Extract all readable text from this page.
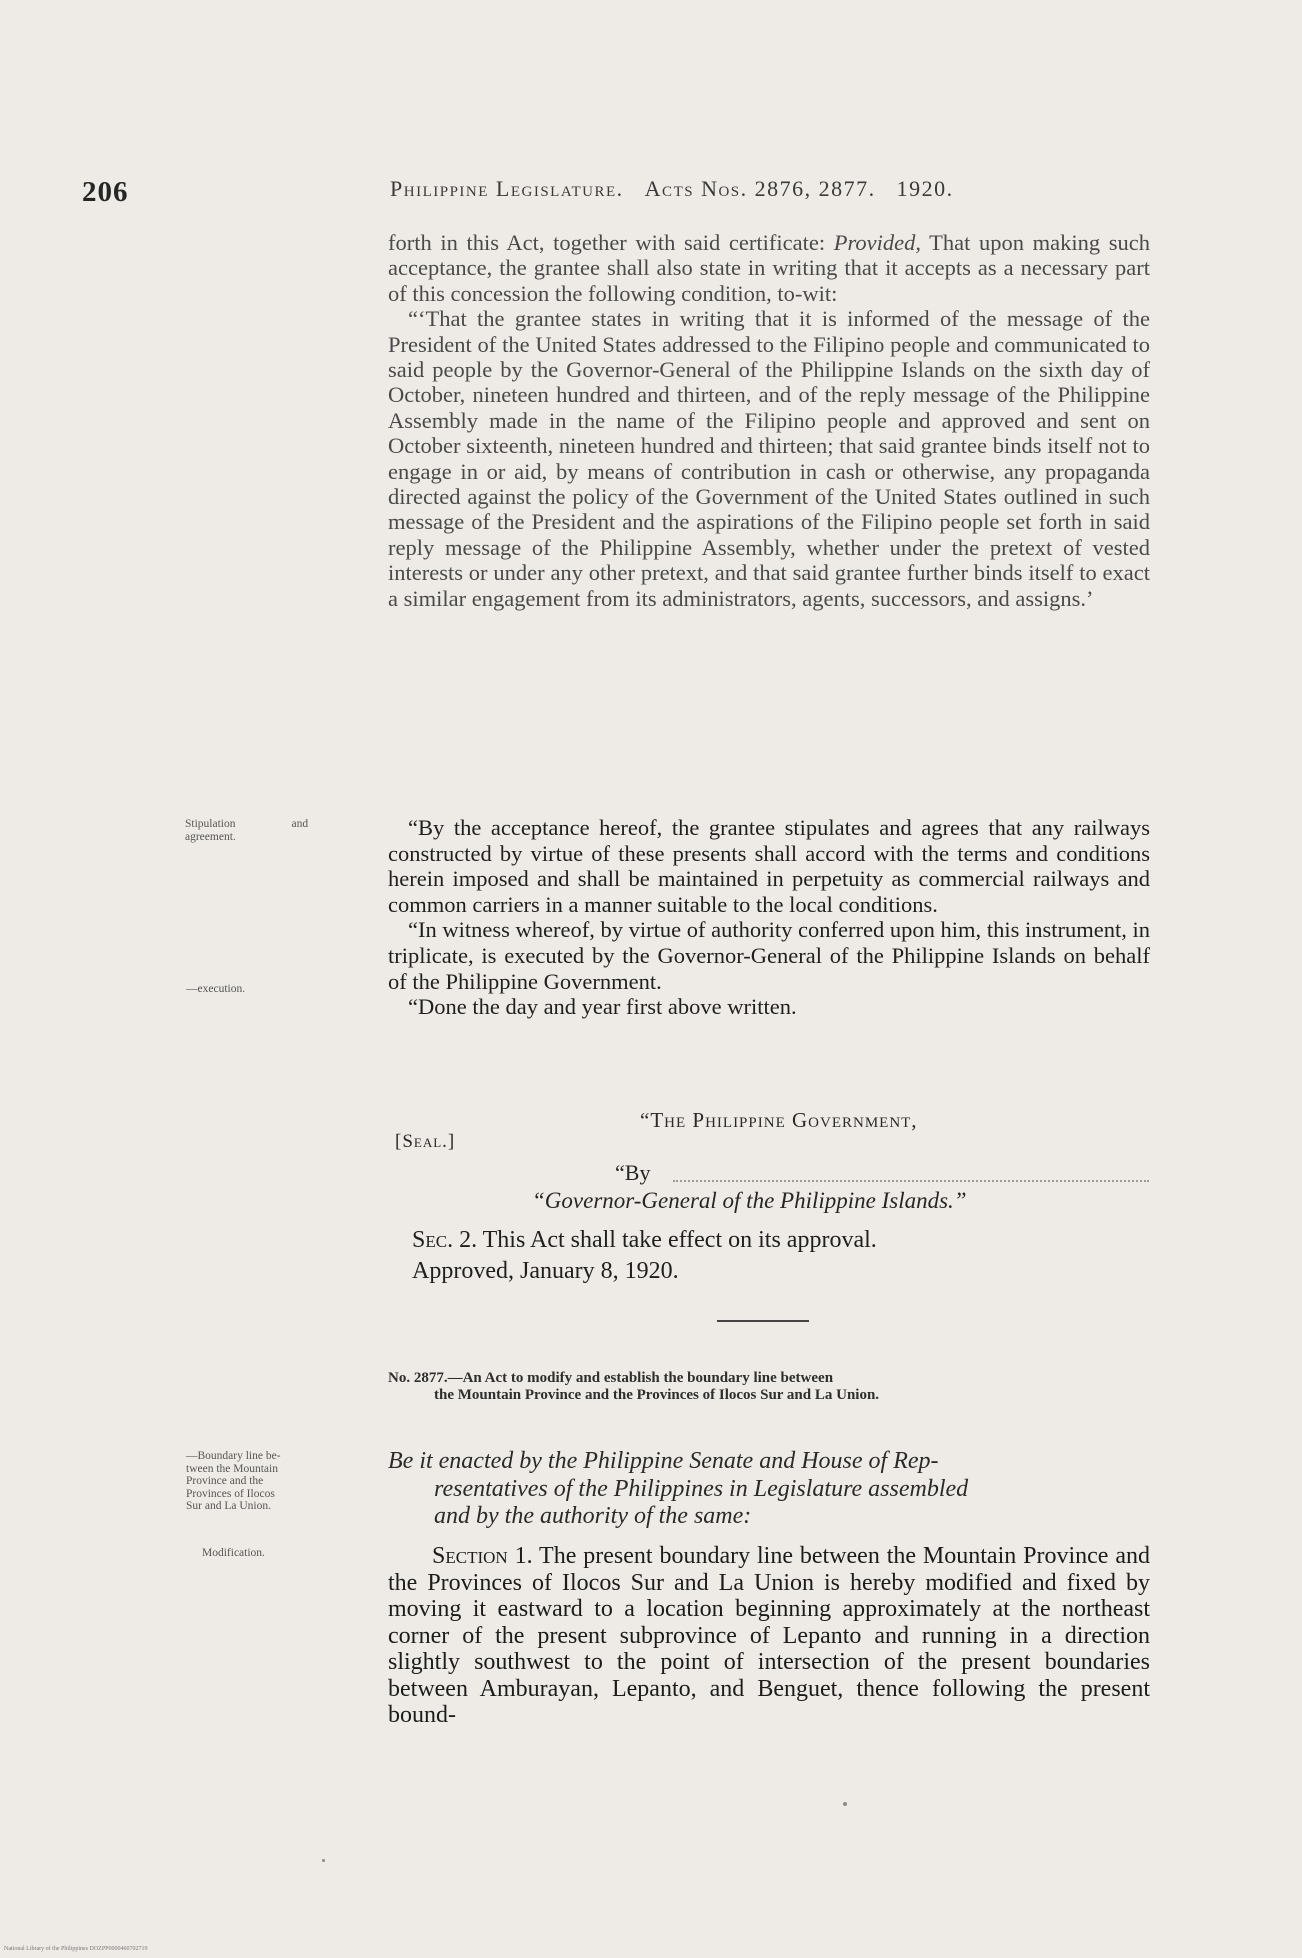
206	Philippine Legislature. Acts Nos. 2876, 2877. 1920.

forth in this Act, together with said certificate: Provided, That upon making such acceptance, the grantee shall also state in writing that it accepts as a necessary part of this concession the following condition, to-wit:

“‘That the grantee states in writing that it is informed of the message of the President of the United States addressed to the Filipino people and communicated to said people by the Governor-General of the Philippine Islands on the sixth day of October, nineteen hundred and thirteen, and of the reply message of the Philippine Assembly made in the name of the Filipino people and approved and sent on October sixteenth, nineteen hundred and thirteen; that said grantee binds itself not to engage in or aid, by means of contribution in cash or otherwise, any propaganda directed against the policy of the Government of the United States outlined in such message of the President and the aspirations of the Filipino people set forth in said reply message of the Philippine Assembly, whether under the pretext of vested interests or under any other pretext, and that said grantee further binds itself to exact a similar engagement from its administrators, agents, successors, and assigns.’

Stipulation	and
agreement.	“By the acceptance hereof, the grantee stipulates and agrees that any railways constructed by virtue of these presents shall accord with the terms and conditions herein imposed and shall be maintained in perpetuity as commercial railways and common carriers in a manner suitable to the local conditions.

“In witness whereof, by virtue of authority conferred upon him, this instrument, in triplicate, is executed by the Governor-General of the Philippine Islands on behalf of the Philippine Government.

“Done the day and year first above written.

—execution.
“The Philippine Government,
[Seal.]
“By
“Governor-General of the Philippine Islands.”

Sec. 2. This Act shall take effect on its approval.

Approved, January 8, 1920.

No. 2877.—An Act to modify and establish the boundary line between
the Mountain Province and the Provinces of Ilocos Sur and La Union.
—Boundary line be-
tween the Mountain
Province and the
Provinces of Ilocos
Sur and La Union.
Be it enacted by the Philippine Senate and House of Rep-
resentatives of the Philippines in Legislature assembled
and by the authority of the same:
Modification.	Section 1. The present boundary line between the Mountain Province and the Provinces of Ilocos Sur and La Union is hereby modified and fixed by moving it eastward to a location beginning approximately at the northeast corner of the present subprovince of Lepanto and running in a direction slightly southwest to the point of intersection of the present boundaries between Amburayan, Lepanto, and Benguet, thence following the present bound-

National Library of the Philippines DOZPP0000460702719
